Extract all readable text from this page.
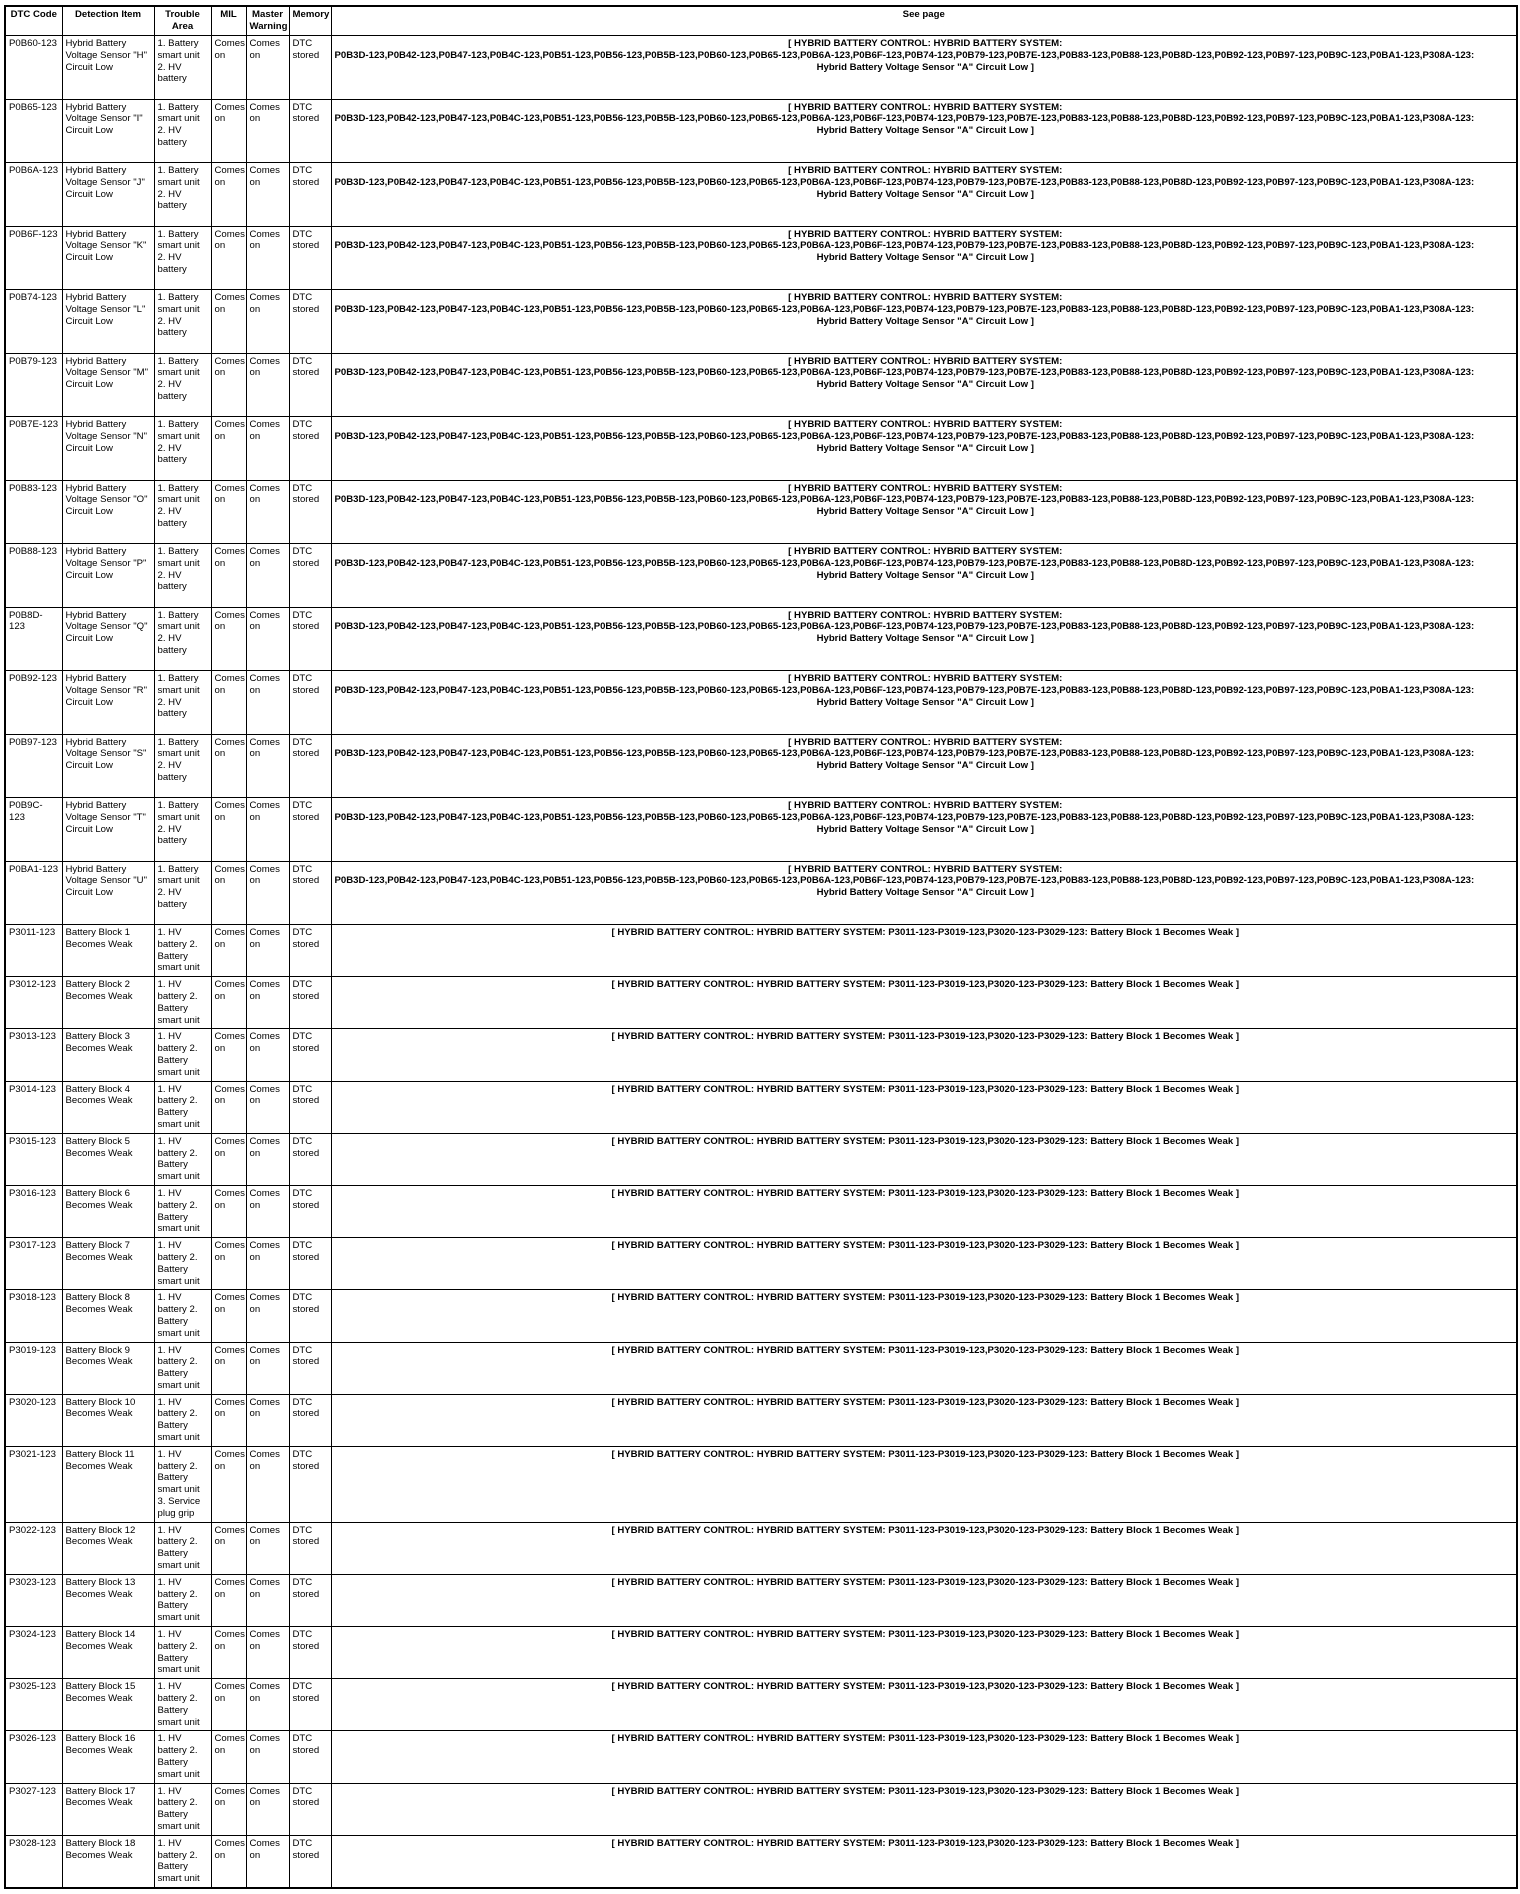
DTC Code	Detection Item	Trouble Area	MIL	Master Warning	Memory	See page
P0B60-123	Hybrid Battery Voltage Sensor "H" Circuit Low	1. Battery smart unit 2. HV battery	Comes on	Comes on	DTC stored	[ HYBRID BATTERY CONTROL: HYBRID BATTERY SYSTEM:
P0B3D-123,P0B42-123,P0B47-123,P0B4C-123,P0B51-123,P0B56-123,P0B5B-123,P0B60-123,P0B65-123,P0B6A-123,P0B6F-123,P0B74-123,P0B79-123,P0B7E-123,P0B83-123,P0B88-123,P0B8D-123,P0B92-123,P0B97-123,P0B9C-123,P0BA1-123,P308A-123:
Hybrid Battery Voltage Sensor "A" Circuit Low ]

P0B65-123	Hybrid Battery Voltage Sensor "I" Circuit Low	1. Battery smart unit 2. HV battery	Comes on	Comes on	DTC stored	[ HYBRID BATTERY CONTROL: HYBRID BATTERY SYSTEM:
P0B3D-123,P0B42-123,P0B47-123,P0B4C-123,P0B51-123,P0B56-123,P0B5B-123,P0B60-123,P0B65-123,P0B6A-123,P0B6F-123,P0B74-123,P0B79-123,P0B7E-123,P0B83-123,P0B88-123,P0B8D-123,P0B92-123,P0B97-123,P0B9C-123,P0BA1-123,P308A-123:
Hybrid Battery Voltage Sensor "A" Circuit Low ]

P0B6A-123	Hybrid Battery Voltage Sensor "J" Circuit Low	1. Battery smart unit 2. HV battery	Comes on	Comes on	DTC stored	[ HYBRID BATTERY CONTROL: HYBRID BATTERY SYSTEM:
P0B3D-123,P0B42-123,P0B47-123,P0B4C-123,P0B51-123,P0B56-123,P0B5B-123,P0B60-123,P0B65-123,P0B6A-123,P0B6F-123,P0B74-123,P0B79-123,P0B7E-123,P0B83-123,P0B88-123,P0B8D-123,P0B92-123,P0B97-123,P0B9C-123,P0BA1-123,P308A-123:
Hybrid Battery Voltage Sensor "A" Circuit Low ]

P0B6F-123	Hybrid Battery Voltage Sensor "K" Circuit Low	1. Battery smart unit 2. HV battery	Comes on	Comes on	DTC stored	[ HYBRID BATTERY CONTROL: HYBRID BATTERY SYSTEM:
P0B3D-123,P0B42-123,P0B47-123,P0B4C-123,P0B51-123,P0B56-123,P0B5B-123,P0B60-123,P0B65-123,P0B6A-123,P0B6F-123,P0B74-123,P0B79-123,P0B7E-123,P0B83-123,P0B88-123,P0B8D-123,P0B92-123,P0B97-123,P0B9C-123,P0BA1-123,P308A-123:
Hybrid Battery Voltage Sensor "A" Circuit Low ]

P0B74-123	Hybrid Battery Voltage Sensor "L" Circuit Low	1. Battery smart unit 2. HV battery	Comes on	Comes on	DTC stored	[ HYBRID BATTERY CONTROL: HYBRID BATTERY SYSTEM:
P0B3D-123,P0B42-123,P0B47-123,P0B4C-123,P0B51-123,P0B56-123,P0B5B-123,P0B60-123,P0B65-123,P0B6A-123,P0B6F-123,P0B74-123,P0B79-123,P0B7E-123,P0B83-123,P0B88-123,P0B8D-123,P0B92-123,P0B97-123,P0B9C-123,P0BA1-123,P308A-123:
Hybrid Battery Voltage Sensor "A" Circuit Low ]

P0B79-123	Hybrid Battery Voltage Sensor "M" Circuit Low	1. Battery smart unit 2. HV battery	Comes on	Comes on	DTC stored	[ HYBRID BATTERY CONTROL: HYBRID BATTERY SYSTEM:
P0B3D-123,P0B42-123,P0B47-123,P0B4C-123,P0B51-123,P0B56-123,P0B5B-123,P0B60-123,P0B65-123,P0B6A-123,P0B6F-123,P0B74-123,P0B79-123,P0B7E-123,P0B83-123,P0B88-123,P0B8D-123,P0B92-123,P0B97-123,P0B9C-123,P0BA1-123,P308A-123:
Hybrid Battery Voltage Sensor "A" Circuit Low ]

P0B7E-123	Hybrid Battery Voltage Sensor "N" Circuit Low	1. Battery smart unit 2. HV battery	Comes on	Comes on	DTC stored	[ HYBRID BATTERY CONTROL: HYBRID BATTERY SYSTEM:
P0B3D-123,P0B42-123,P0B47-123,P0B4C-123,P0B51-123,P0B56-123,P0B5B-123,P0B60-123,P0B65-123,P0B6A-123,P0B6F-123,P0B74-123,P0B79-123,P0B7E-123,P0B83-123,P0B88-123,P0B8D-123,P0B92-123,P0B97-123,P0B9C-123,P0BA1-123,P308A-123:
Hybrid Battery Voltage Sensor "A" Circuit Low ]

P0B83-123	Hybrid Battery Voltage Sensor "O" Circuit Low	1. Battery smart unit 2. HV battery	Comes on	Comes on	DTC stored	[ HYBRID BATTERY CONTROL: HYBRID BATTERY SYSTEM:
P0B3D-123,P0B42-123,P0B47-123,P0B4C-123,P0B51-123,P0B56-123,P0B5B-123,P0B60-123,P0B65-123,P0B6A-123,P0B6F-123,P0B74-123,P0B79-123,P0B7E-123,P0B83-123,P0B88-123,P0B8D-123,P0B92-123,P0B97-123,P0B9C-123,P0BA1-123,P308A-123:
Hybrid Battery Voltage Sensor "A" Circuit Low ]

P0B88-123	Hybrid Battery Voltage Sensor "P" Circuit Low	1. Battery smart unit 2. HV battery	Comes on	Comes on	DTC stored	[ HYBRID BATTERY CONTROL: HYBRID BATTERY SYSTEM:
P0B3D-123,P0B42-123,P0B47-123,P0B4C-123,P0B51-123,P0B56-123,P0B5B-123,P0B60-123,P0B65-123,P0B6A-123,P0B6F-123,P0B74-123,P0B79-123,P0B7E-123,P0B83-123,P0B88-123,P0B8D-123,P0B92-123,P0B97-123,P0B9C-123,P0BA1-123,P308A-123:
Hybrid Battery Voltage Sensor "A" Circuit Low ]

P0B8D-123	Hybrid Battery Voltage Sensor "Q" Circuit Low	1. Battery smart unit 2. HV battery	Comes on	Comes on	DTC stored	[ HYBRID BATTERY CONTROL: HYBRID BATTERY SYSTEM:
P0B3D-123,P0B42-123,P0B47-123,P0B4C-123,P0B51-123,P0B56-123,P0B5B-123,P0B60-123,P0B65-123,P0B6A-123,P0B6F-123,P0B74-123,P0B79-123,P0B7E-123,P0B83-123,P0B88-123,P0B8D-123,P0B92-123,P0B97-123,P0B9C-123,P0BA1-123,P308A-123:
Hybrid Battery Voltage Sensor "A" Circuit Low ]

P0B92-123	Hybrid Battery Voltage Sensor "R" Circuit Low	1. Battery smart unit 2. HV battery	Comes on	Comes on	DTC stored	[ HYBRID BATTERY CONTROL: HYBRID BATTERY SYSTEM:
P0B3D-123,P0B42-123,P0B47-123,P0B4C-123,P0B51-123,P0B56-123,P0B5B-123,P0B60-123,P0B65-123,P0B6A-123,P0B6F-123,P0B74-123,P0B79-123,P0B7E-123,P0B83-123,P0B88-123,P0B8D-123,P0B92-123,P0B97-123,P0B9C-123,P0BA1-123,P308A-123:
Hybrid Battery Voltage Sensor "A" Circuit Low ]

P0B97-123	Hybrid Battery Voltage Sensor "S" Circuit Low	1. Battery smart unit 2. HV battery	Comes on	Comes on	DTC stored	[ HYBRID BATTERY CONTROL: HYBRID BATTERY SYSTEM:
P0B3D-123,P0B42-123,P0B47-123,P0B4C-123,P0B51-123,P0B56-123,P0B5B-123,P0B60-123,P0B65-123,P0B6A-123,P0B6F-123,P0B74-123,P0B79-123,P0B7E-123,P0B83-123,P0B88-123,P0B8D-123,P0B92-123,P0B97-123,P0B9C-123,P0BA1-123,P308A-123:
Hybrid Battery Voltage Sensor "A" Circuit Low ]

P0B9C-123	Hybrid Battery Voltage Sensor "T" Circuit Low	1. Battery smart unit 2. HV battery	Comes on	Comes on	DTC stored	[ HYBRID BATTERY CONTROL: HYBRID BATTERY SYSTEM:
P0B3D-123,P0B42-123,P0B47-123,P0B4C-123,P0B51-123,P0B56-123,P0B5B-123,P0B60-123,P0B65-123,P0B6A-123,P0B6F-123,P0B74-123,P0B79-123,P0B7E-123,P0B83-123,P0B88-123,P0B8D-123,P0B92-123,P0B97-123,P0B9C-123,P0BA1-123,P308A-123:
Hybrid Battery Voltage Sensor "A" Circuit Low ]

P0BA1-123	Hybrid Battery Voltage Sensor "U" Circuit Low	1. Battery smart unit 2. HV battery	Comes on	Comes on	DTC stored	[ HYBRID BATTERY CONTROL: HYBRID BATTERY SYSTEM:
P0B3D-123,P0B42-123,P0B47-123,P0B4C-123,P0B51-123,P0B56-123,P0B5B-123,P0B60-123,P0B65-123,P0B6A-123,P0B6F-123,P0B74-123,P0B79-123,P0B7E-123,P0B83-123,P0B88-123,P0B8D-123,P0B92-123,P0B97-123,P0B9C-123,P0BA1-123,P308A-123:
Hybrid Battery Voltage Sensor "A" Circuit Low ]

P3011-123	Battery Block 1 Becomes Weak	1. HV battery 2. Battery smart unit	Comes on	Comes on	DTC stored	[ HYBRID BATTERY CONTROL: HYBRID BATTERY SYSTEM: P3011-123-P3019-123,P3020-123-P3029-123: Battery Block 1 Becomes Weak ]
P3012-123	Battery Block 2 Becomes Weak	1. HV battery 2. Battery smart unit	Comes on	Comes on	DTC stored	[ HYBRID BATTERY CONTROL: HYBRID BATTERY SYSTEM: P3011-123-P3019-123,P3020-123-P3029-123: Battery Block 1 Becomes Weak ]
P3013-123	Battery Block 3 Becomes Weak	1. HV battery 2. Battery smart unit	Comes on	Comes on	DTC stored	[ HYBRID BATTERY CONTROL: HYBRID BATTERY SYSTEM: P3011-123-P3019-123,P3020-123-P3029-123: Battery Block 1 Becomes Weak ]
P3014-123	Battery Block 4 Becomes Weak	1. HV battery 2. Battery smart unit	Comes on	Comes on	DTC stored	[ HYBRID BATTERY CONTROL: HYBRID BATTERY SYSTEM: P3011-123-P3019-123,P3020-123-P3029-123: Battery Block 1 Becomes Weak ]
P3015-123	Battery Block 5 Becomes Weak	1. HV battery 2. Battery smart unit	Comes on	Comes on	DTC stored	[ HYBRID BATTERY CONTROL: HYBRID BATTERY SYSTEM: P3011-123-P3019-123,P3020-123-P3029-123: Battery Block 1 Becomes Weak ]
P3016-123	Battery Block 6 Becomes Weak	1. HV battery 2. Battery smart unit	Comes on	Comes on	DTC stored	[ HYBRID BATTERY CONTROL: HYBRID BATTERY SYSTEM: P3011-123-P3019-123,P3020-123-P3029-123: Battery Block 1 Becomes Weak ]
P3017-123	Battery Block 7 Becomes Weak	1. HV battery 2. Battery smart unit	Comes on	Comes on	DTC stored	[ HYBRID BATTERY CONTROL: HYBRID BATTERY SYSTEM: P3011-123-P3019-123,P3020-123-P3029-123: Battery Block 1 Becomes Weak ]
P3018-123	Battery Block 8 Becomes Weak	1. HV battery 2. Battery smart unit	Comes on	Comes on	DTC stored	[ HYBRID BATTERY CONTROL: HYBRID BATTERY SYSTEM: P3011-123-P3019-123,P3020-123-P3029-123: Battery Block 1 Becomes Weak ]
P3019-123	Battery Block 9 Becomes Weak	1. HV battery 2. Battery smart unit	Comes on	Comes on	DTC stored	[ HYBRID BATTERY CONTROL: HYBRID BATTERY SYSTEM: P3011-123-P3019-123,P3020-123-P3029-123: Battery Block 1 Becomes Weak ]
P3020-123	Battery Block 10 Becomes Weak	1. HV battery 2. Battery smart unit	Comes on	Comes on	DTC stored	[ HYBRID BATTERY CONTROL: HYBRID BATTERY SYSTEM: P3011-123-P3019-123,P3020-123-P3029-123: Battery Block 1 Becomes Weak ]
P3021-123	Battery Block 11 Becomes Weak	1. HV battery 2. Battery smart unit 3. Service plug grip	Comes on	Comes on	DTC stored	[ HYBRID BATTERY CONTROL: HYBRID BATTERY SYSTEM: P3011-123-P3019-123,P3020-123-P3029-123: Battery Block 1 Becomes Weak ]
P3022-123	Battery Block 12 Becomes Weak	1. HV battery 2. Battery smart unit	Comes on	Comes on	DTC stored	[ HYBRID BATTERY CONTROL: HYBRID BATTERY SYSTEM: P3011-123-P3019-123,P3020-123-P3029-123: Battery Block 1 Becomes Weak ]
P3023-123	Battery Block 13 Becomes Weak	1. HV battery 2. Battery smart unit	Comes on	Comes on	DTC stored	[ HYBRID BATTERY CONTROL: HYBRID BATTERY SYSTEM: P3011-123-P3019-123,P3020-123-P3029-123: Battery Block 1 Becomes Weak ]
P3024-123	Battery Block 14 Becomes Weak	1. HV battery 2. Battery smart unit	Comes on	Comes on	DTC stored	[ HYBRID BATTERY CONTROL: HYBRID BATTERY SYSTEM: P3011-123-P3019-123,P3020-123-P3029-123: Battery Block 1 Becomes Weak ]
P3025-123	Battery Block 15 Becomes Weak	1. HV battery 2. Battery smart unit	Comes on	Comes on	DTC stored	[ HYBRID BATTERY CONTROL: HYBRID BATTERY SYSTEM: P3011-123-P3019-123,P3020-123-P3029-123: Battery Block 1 Becomes Weak ]
P3026-123	Battery Block 16 Becomes Weak	1. HV battery 2. Battery smart unit	Comes on	Comes on	DTC stored	[ HYBRID BATTERY CONTROL: HYBRID BATTERY SYSTEM: P3011-123-P3019-123,P3020-123-P3029-123: Battery Block 1 Becomes Weak ]
P3027-123	Battery Block 17 Becomes Weak	1. HV battery 2. Battery smart unit	Comes on	Comes on	DTC stored	[ HYBRID BATTERY CONTROL: HYBRID BATTERY SYSTEM: P3011-123-P3019-123,P3020-123-P3029-123: Battery Block 1 Becomes Weak ]
P3028-123	Battery Block 18 Becomes Weak	1. HV battery 2. Battery smart unit	Comes on	Comes on	DTC stored	[ HYBRID BATTERY CONTROL: HYBRID BATTERY SYSTEM: P3011-123-P3019-123,P3020-123-P3029-123: Battery Block 1 Becomes Weak ]
